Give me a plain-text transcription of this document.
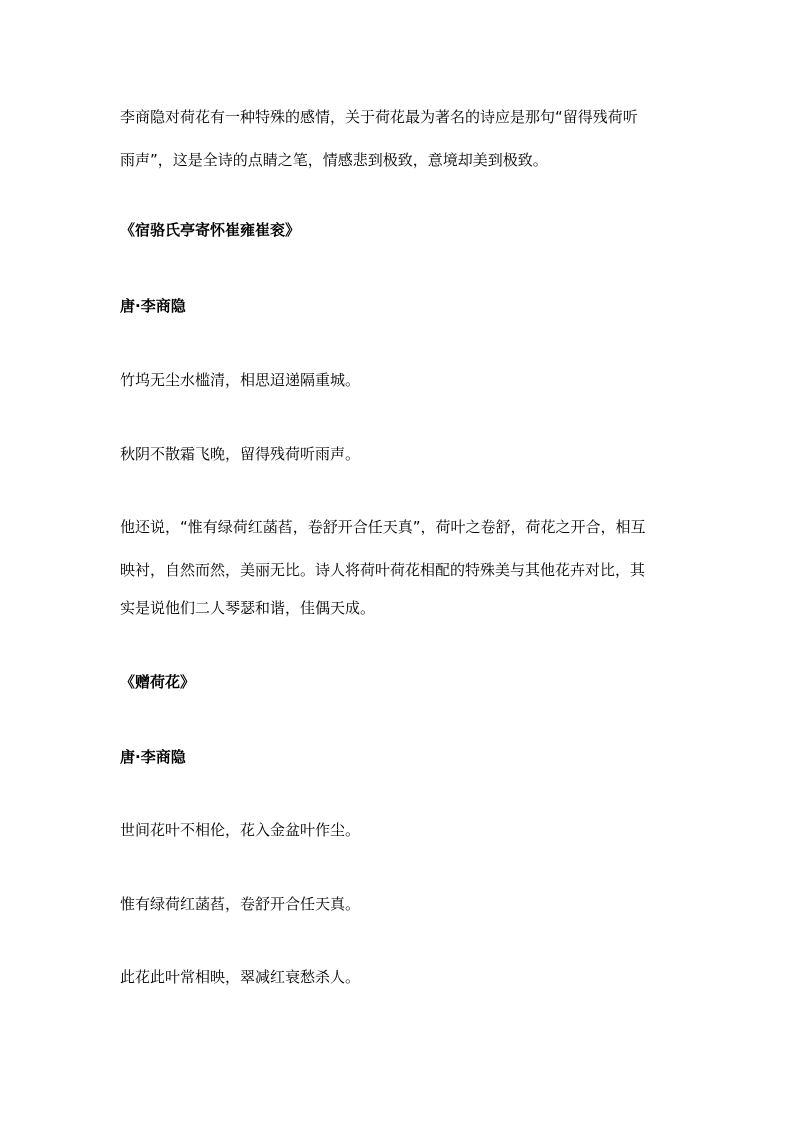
李商隐对荷花有一种特殊的感情，关于荷花最为著名的诗应是那句“留得残荷听
雨声”，这是全诗的点睛之笔，情感悲到极致，意境却美到极致。
《宿骆氏亭寄怀崔雍崔衮》
唐·李商隐
竹坞无尘水槛清，相思迢递隔重城。
秋阴不散霜飞晚，留得残荷听雨声。
他还说，“惟有绿荷红菡萏，卷舒开合任天真”，荷叶之卷舒，荷花之开合，相互
映衬，自然而然，美丽无比。诗人将荷叶荷花相配的特殊美与其他花卉对比，其
实是说他们二人琴瑟和谐，佳偶天成。
《赠荷花》
唐·李商隐
世间花叶不相伦，花入金盆叶作尘。
惟有绿荷红菡萏，卷舒开合任天真。
此花此叶常相映，翠减红衰愁杀人。
